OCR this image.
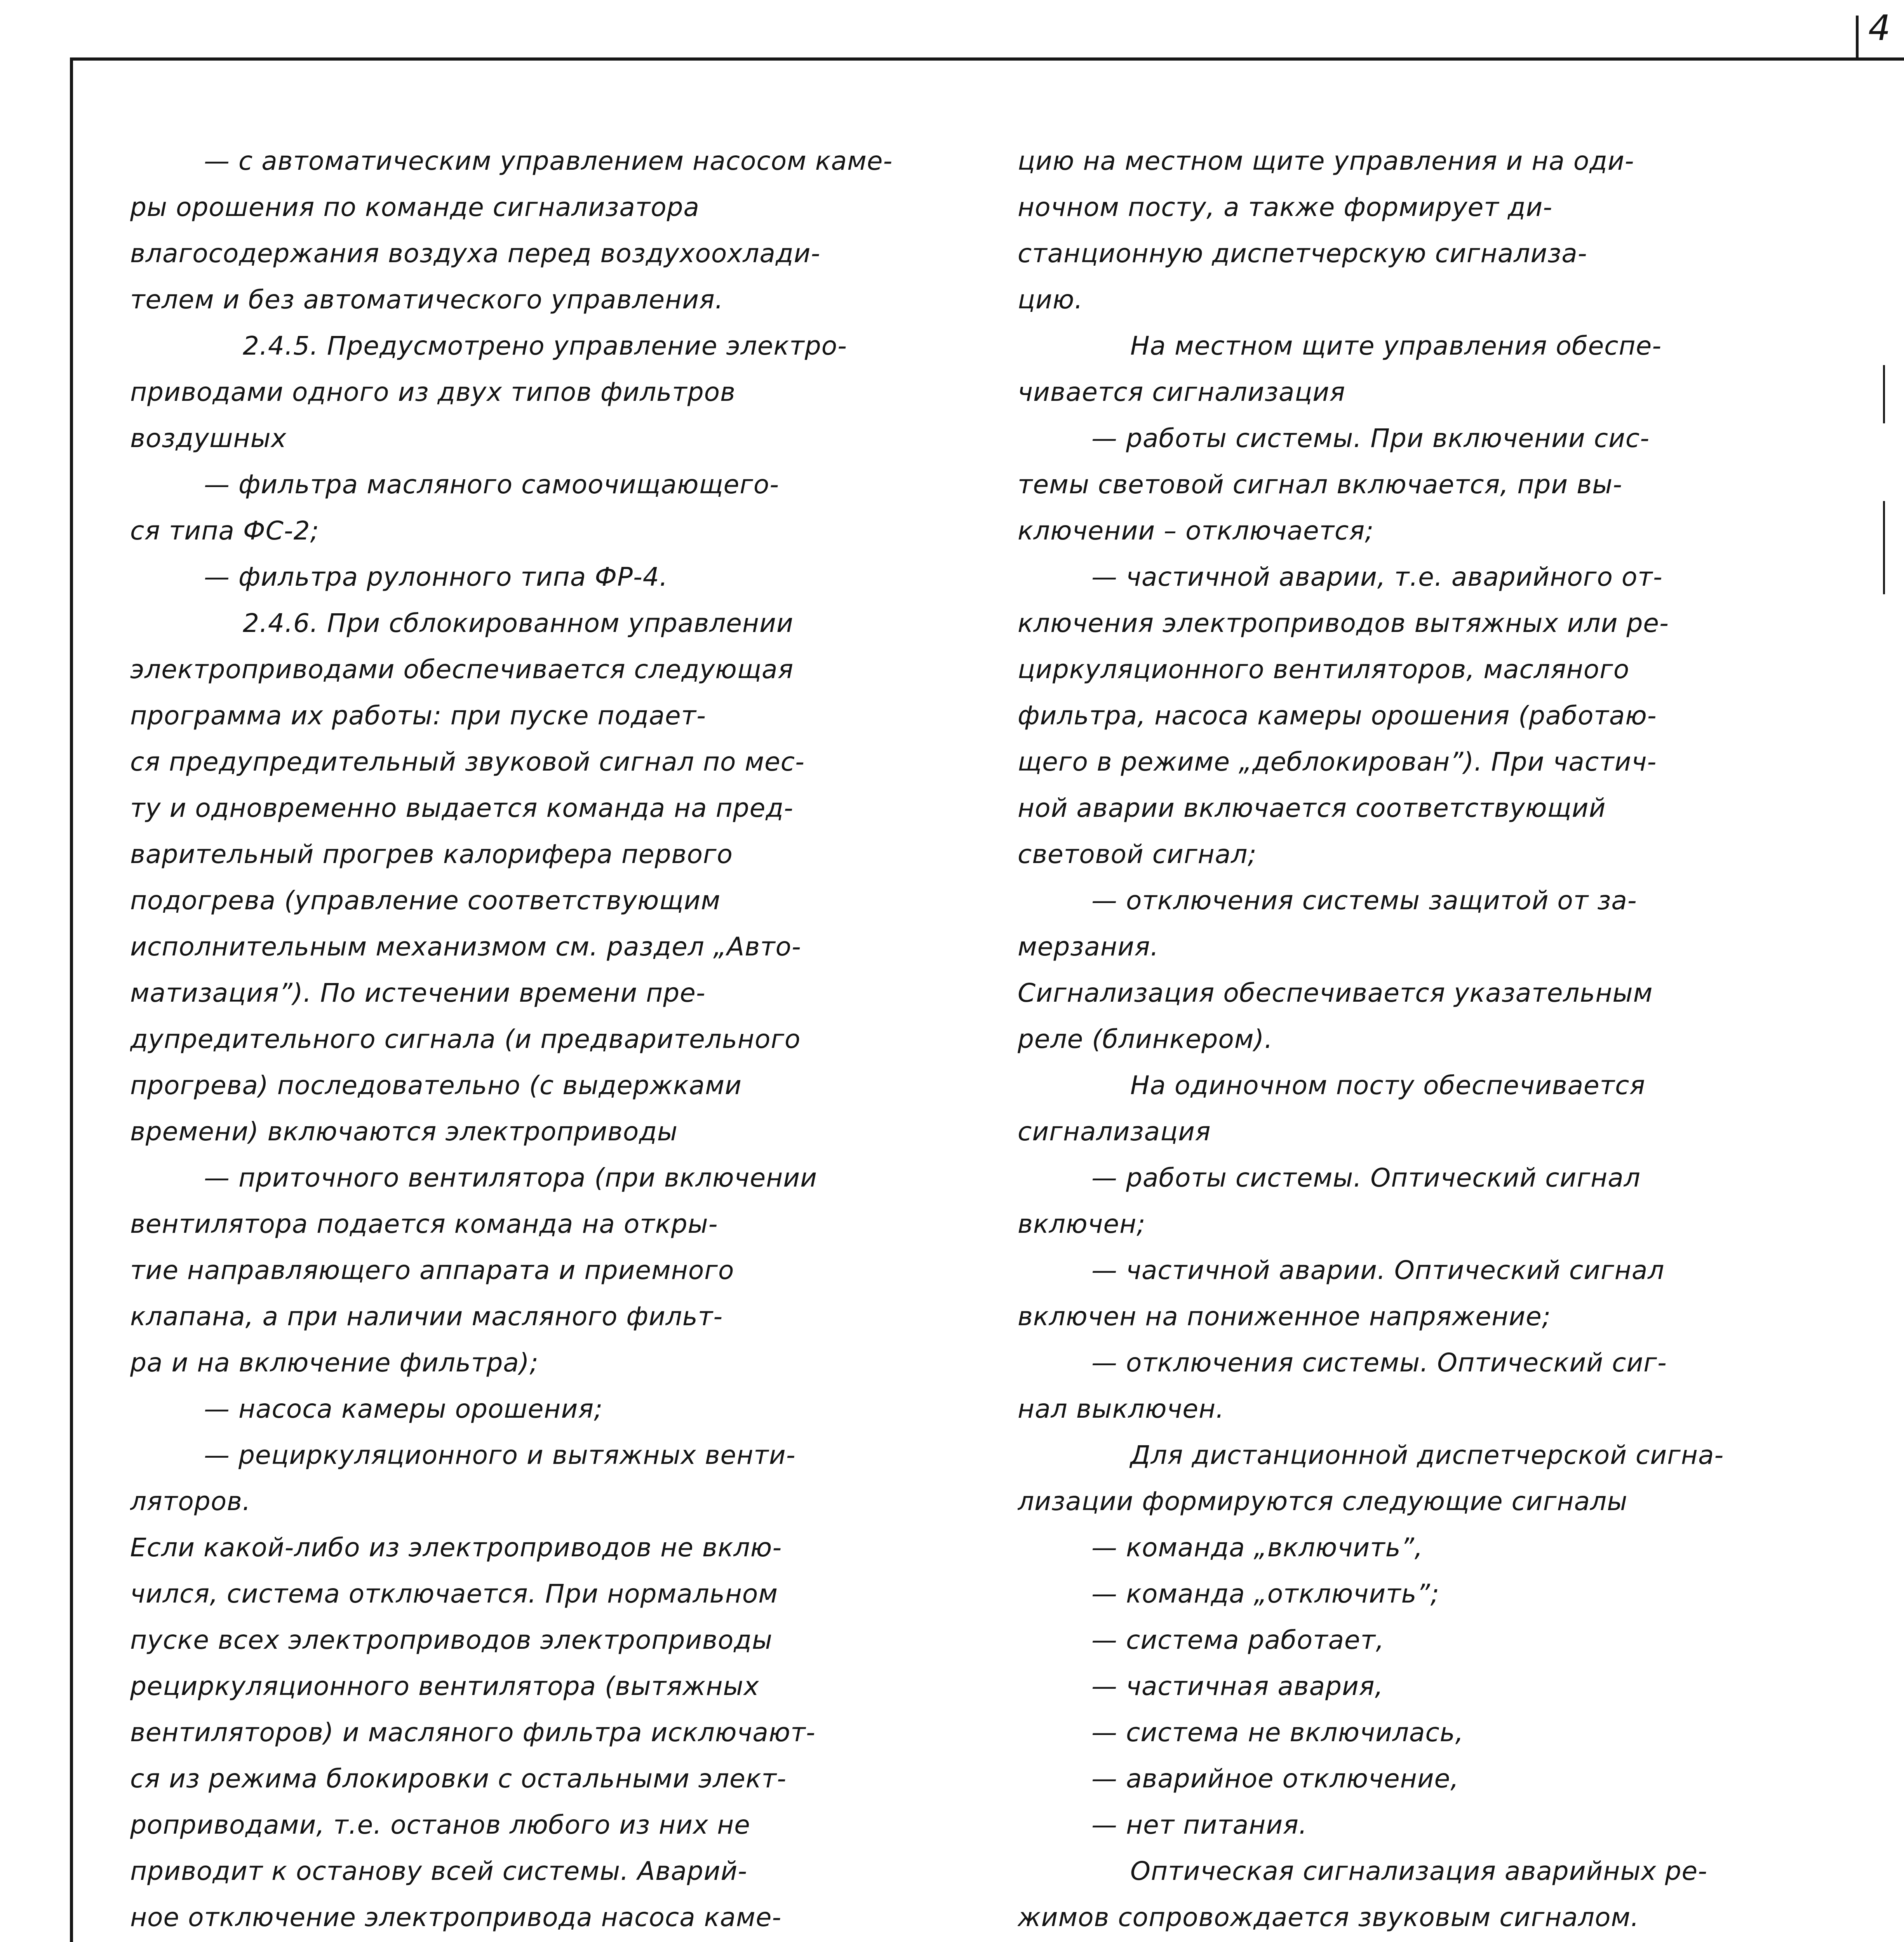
4

— с автоматическим управлением насосом каме-

ры орошения по команде сигнализатора

влагосодержания воздуха перед воздухоохлади-

телем и без автоматического управления.

2.4.5. Предусмотрено управление электро-

приводами одного из двух типов фильтров

воздушных

— фильтра масляного самоочищающего-

ся типа ФС-2;

— фильтра рулонного типа ФР-4.

2.4.6. При сблокированном управлении

электроприводами обеспечивается следующая

программа их работы: при пуске подает-

ся предупредительный звуковой сигнал по мес-

ту и одновременно выдается команда на пред-

варительный прогрев калорифера первого

подогрева (управление соответствующим

исполнительным механизмом см. раздел „Авто-

матизация”). По истечении времени пре-

дупредительного сигнала (и предварительного

прогрева) последовательно (с выдержками

времени) включаются электроприводы

— приточного вентилятора (при включении

вентилятора подается команда на откры-

тие направляющего аппарата и приемного

клапана, а при наличии масляного фильт-

ра и на включение фильтра);

— насоса камеры орошения;

— рециркуляционного и вытяжных венти-

ляторов.

Если какой-либо из электроприводов не вклю-

чился, система отключается. При нормальном

пуске всех электроприводов электроприводы

рециркуляционного вентилятора (вытяжных

вентиляторов) и масляного фильтра исключают-

ся из режима блокировки с остальными элект-

роприводами, т.е. останов любого из них не

приводит к останову всей системы. Аварий-

ное отключение электропривода насоса каме-

цию на местном щите управления и на оди-

ночном посту, а также формирует ди-

станционную диспетчерскую сигнализа-

цию.

На местном щите управления обеспе-

чивается сигнализация

— работы системы. При включении сис-

темы световой сигнал включается, при вы-

ключении – отключается;

— частичной аварии, т.е. аварийного от-

ключения электроприводов вытяжных или ре-

циркуляционного вентиляторов, масляного

фильтра, насоса камеры орошения (работаю-

щего в режиме „деблокирован”). При частич-

ной аварии включается соответствующий

световой сигнал;

— отключения системы защитой от за-

мерзания.

Сигнализация обеспечивается указательным

реле (блинкером).

На одиночном посту обеспечивается

сигнализация

— работы системы. Оптический сигнал

включен;

— частичной аварии. Оптический сигнал

включен на пониженное напряжение;

— отключения системы. Оптический сиг-

нал выключен.

Для дистанционной диспетчерской сигна-

лизации формируются следующие сигналы

— команда „включить”,

— команда „отключить”;

— система работает,

— частичная авария,

— система не включилась,

— аварийное отключение,

— нет питания.

Оптическая сигнализация аварийных ре-

жимов сопровождается звуковым сигналом.
